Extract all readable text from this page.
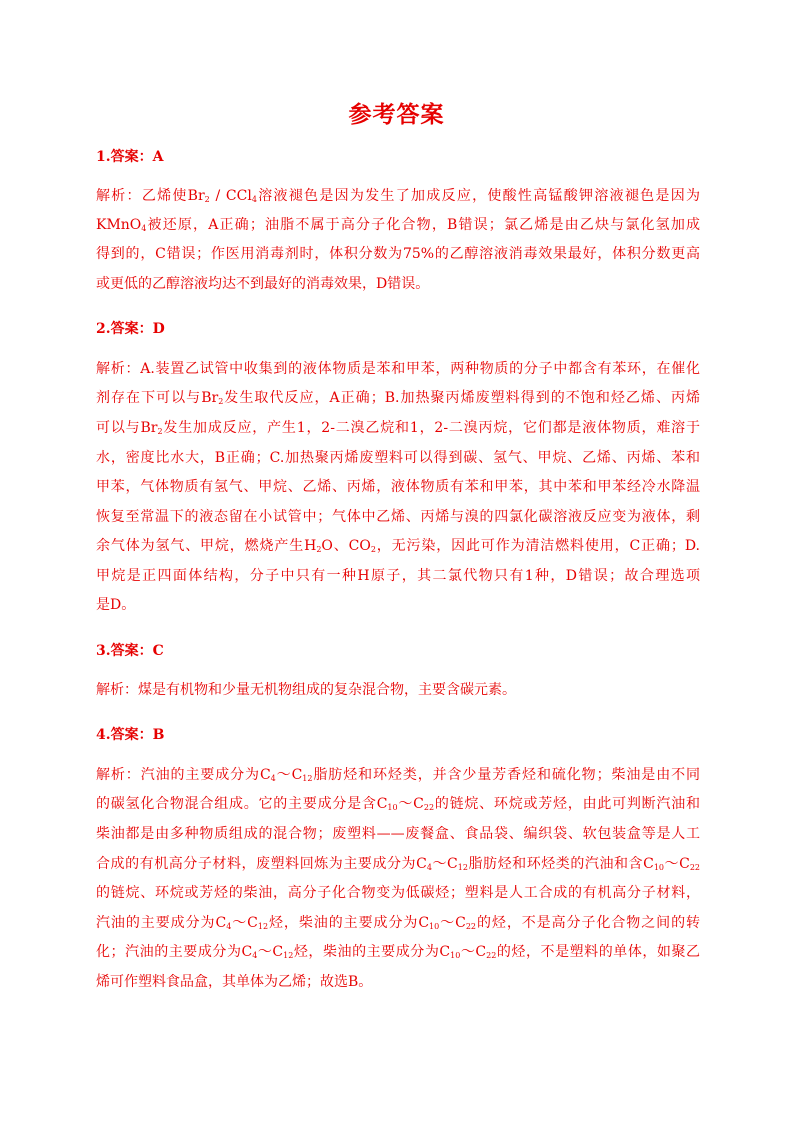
参考答案
1.答案：A
解析：乙烯使$Br_2 / CCl_4$溶液褪色是因为发生了加成反应，使酸性高锰酸钾溶液褪色是因为
KMnO$_4$被还原，A正确；油脂不属于高分子化合物，B错误；氯乙烯是由乙炔与氯化氢加成
得到的，C错误；作医用消毒剂时，体积分数为75%的乙醇溶液消毒效果最好，体积分数更高
或更低的乙醇溶液均达不到最好的消毒效果，D错误。
2.答案：D
解析：A.装置乙试管中收集到的液体物质是苯和甲苯，两种物质的分子中都含有苯环，在催化
剂存在下可以与$Br_2$发生取代反应，A正确；B.加热聚丙烯废塑料得到的不饱和烃乙烯、丙烯
可以与$Br_2$发生加成反应，产生1，2-二溴乙烷和1，2-二溴丙烷，它们都是液体物质，难溶于
水，密度比水大，B正确；C.加热聚丙烯废塑料可以得到碳、氢气、甲烷、乙烯、丙烯、苯和
甲苯，气体物质有氢气、甲烷、乙烯、丙烯，液体物质有苯和甲苯，其中苯和甲苯经冷水降温
恢复至常温下的液态留在小试管中；气体中乙烯、丙烯与溴的四氯化碳溶液反应变为液体，剩
余气体为氢气、甲烷，燃烧产生$H_2O$、$CO_2$，无污染，因此可作为清洁燃料使用，C正确；D.
甲烷是正四面体结构，分子中只有一种H原子，其二氯代物只有1种，D错误；故合理选项
是D。
3.答案：C
解析：煤是有机物和少量无机物组成的复杂混合物，主要含碳元素。
4.答案：B
解析：汽油的主要成分为$C_4\sim C_{12}$脂肪烃和环烃类，并含少量芳香烃和硫化物；柴油是由不同
的碳氢化合物混合组成。它的主要成分是含$C_{10}\sim C_{22}$的链烷、环烷或芳烃，由此可判断汽油和
柴油都是由多种物质组成的混合物；废塑料——废餐盒、食品袋、编织袋、软包装盒等是人工
合成的有机高分子材料，废塑料回炼为主要成分为$C_4\sim C_{12}$脂肪烃和环烃类的汽油和含$C_{10}\sim C_{22}$
的链烷、环烷或芳烃的柴油，高分子化合物变为低碳烃；塑料是人工合成的有机高分子材料，
汽油的主要成分为$C_4\sim C_{12}$烃，柴油的主要成分为$C_{10}\sim C_{22}$的烃，不是高分子化合物之间的转
化；汽油的主要成分为$C_4\sim C_{12}$烃，柴油的主要成分为$C_{10}\sim C_{22}$的烃，不是塑料的单体，如聚乙
烯可作塑料食品盒，其单体为乙烯；故选B。
